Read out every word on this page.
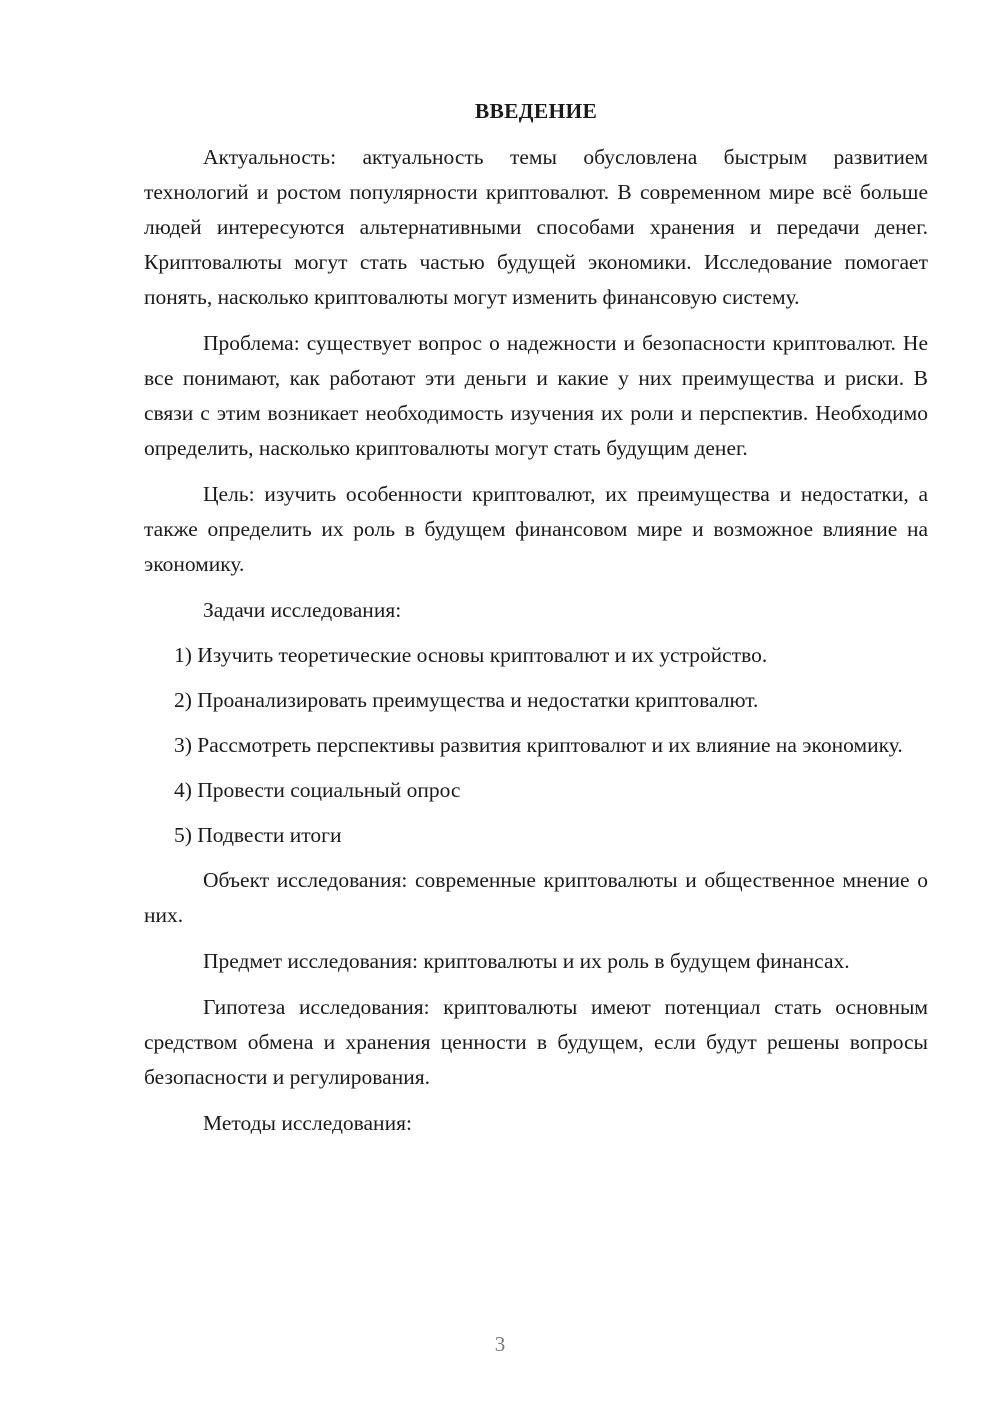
ВВЕДЕНИЕ

Актуальность: актуальность темы обусловлена быстрым развитием технологий и ростом популярности криптовалют. В современном мире всё больше людей интересуются альтернативными способами хранения и передачи денег. Криптовалюты могут стать частью будущей экономики. Исследование помогает понять, насколько криптовалюты могут изменить финансовую систему.

Проблема: существует вопрос о надежности и безопасности криптовалют. Не все понимают, как работают эти деньги и какие у них преимущества и риски. В связи с этим возникает необходимость изучения их роли и перспектив. Необходимо определить, насколько криптовалюты могут стать будущим денег.

Цель: изучить особенности криптовалют, их преимущества и недостатки, а также определить их роль в будущем финансовом мире и возможное влияние на экономику.

Задачи исследования:

1) Изучить теоретические основы криптовалют и их устройство.

2) Проанализировать преимущества и недостатки криптовалют.

3) Рассмотреть перспективы развития криптовалют и их влияние на экономику.

4) Провести социальный опрос

5) Подвести итоги

Объект исследования: современные криптовалюты и общественное мнение о них.

Предмет исследования: криптовалюты и их роль в будущем финансах.

Гипотеза исследования: криптовалюты имеют потенциал стать основным средством обмена и хранения ценности в будущем, если будут решены вопросы безопасности и регулирования.

Методы исследования:

3
